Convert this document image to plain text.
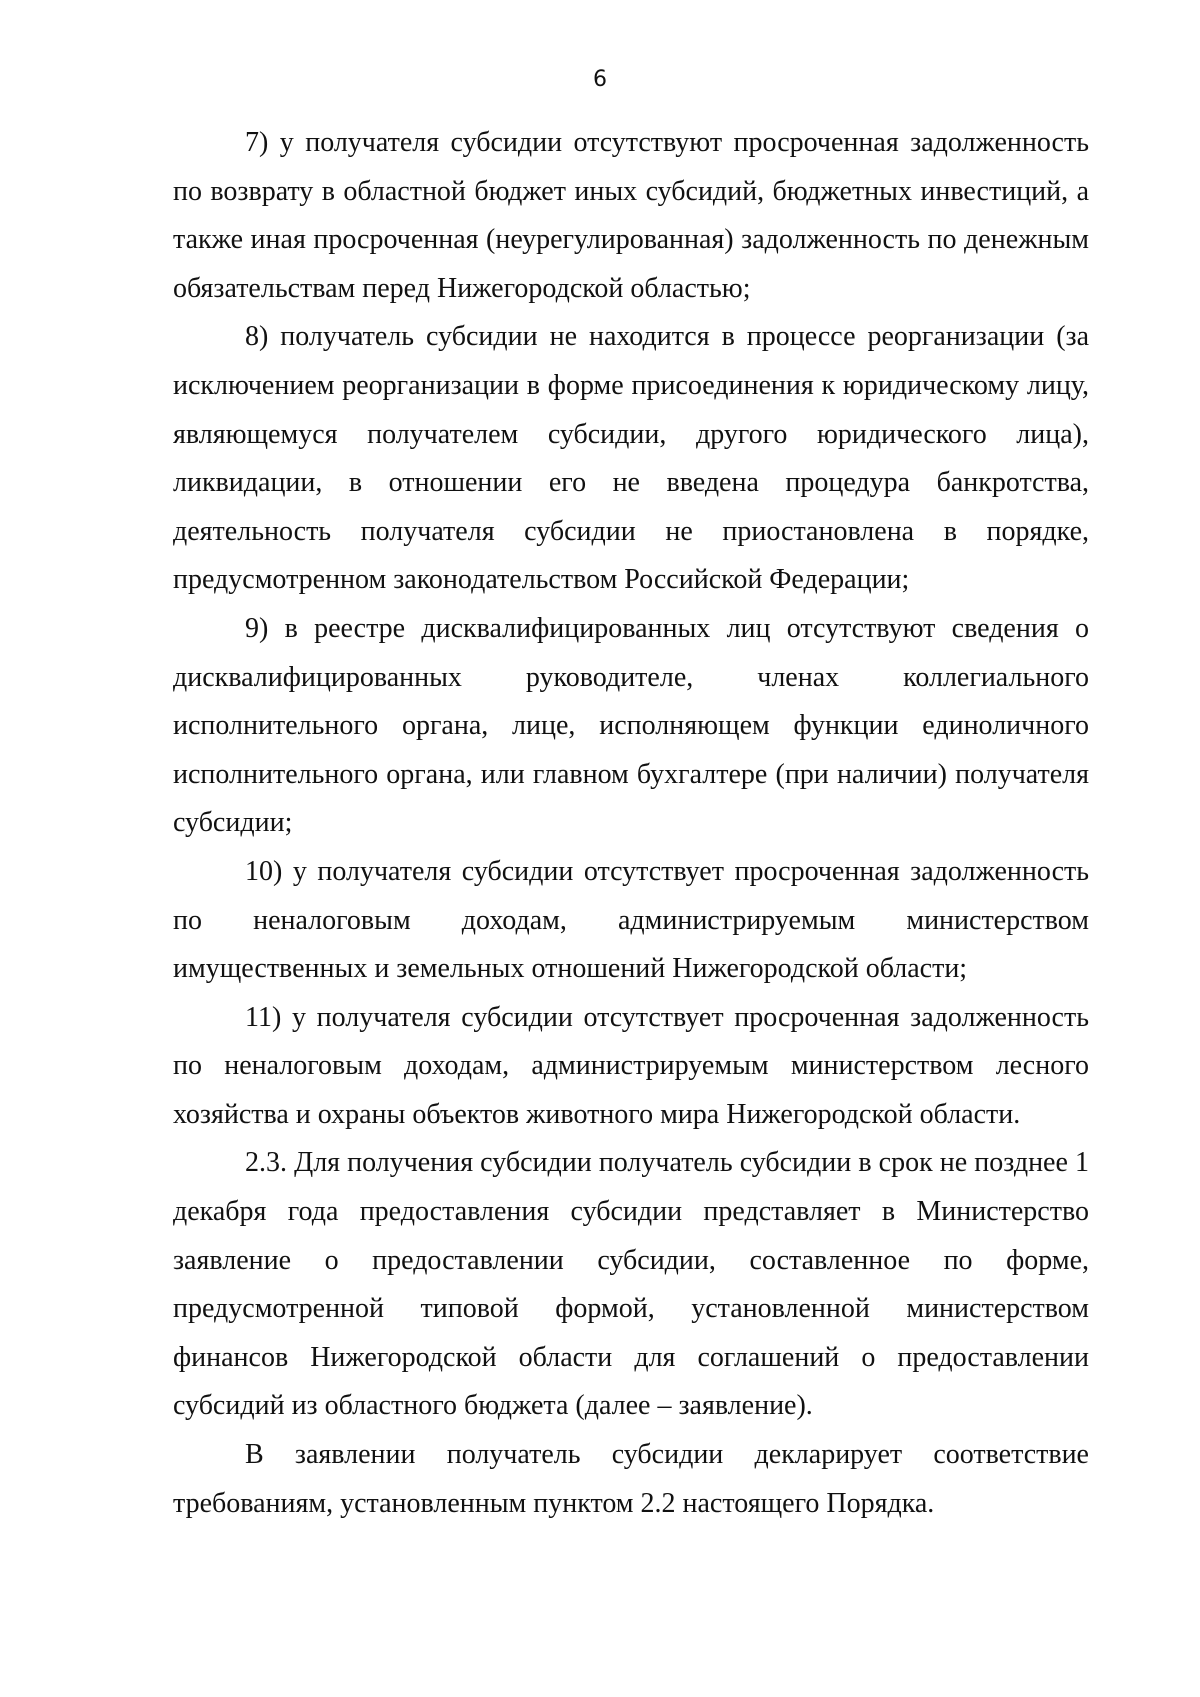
6

7) у получателя субсидии отсутствуют просроченная задолженность по возврату в областной бюджет иных субсидий, бюджетных инвестиций, а также иная просроченная (неурегулированная) задолженность по денежным обязательствам перед Нижегородской областью;

8) получатель субсидии не находится в процессе реорганизации (за исключением реорганизации в форме присоединения к юридическому лицу, являющемуся получателем субсидии, другого юридического лица), ликвидации, в отношении его не введена процедура банкротства, деятельность получателя субсидии не приостановлена в порядке, предусмотренном законодательством Российской Федерации;

9) в реестре дисквалифицированных лиц отсутствуют сведения о дисквалифицированных руководителе, членах коллегиального исполнительного органа, лице, исполняющем функции единоличного исполнительного органа, или главном бухгалтере (при наличии) получателя субсидии;

10) у получателя субсидии отсутствует просроченная задолженность по неналоговым доходам, администрируемым министерством имущественных и земельных отношений Нижегородской области;

11) у получателя субсидии отсутствует просроченная задолженность по неналоговым доходам, администрируемым министерством лесного хозяйства и охраны объектов животного мира Нижегородской области.

2.3. Для получения субсидии получатель субсидии в срок не позднее 1 декабря года предоставления субсидии представляет в Министерство заявление о предоставлении субсидии, составленное по форме, предусмотренной типовой формой, установленной министерством финансов Нижегородской области для соглашений о предоставлении субсидий из областного бюджета (далее – заявление).

В заявлении получатель субсидии декларирует соответствие требованиям, установленным пунктом 2.2 настоящего Порядка.
